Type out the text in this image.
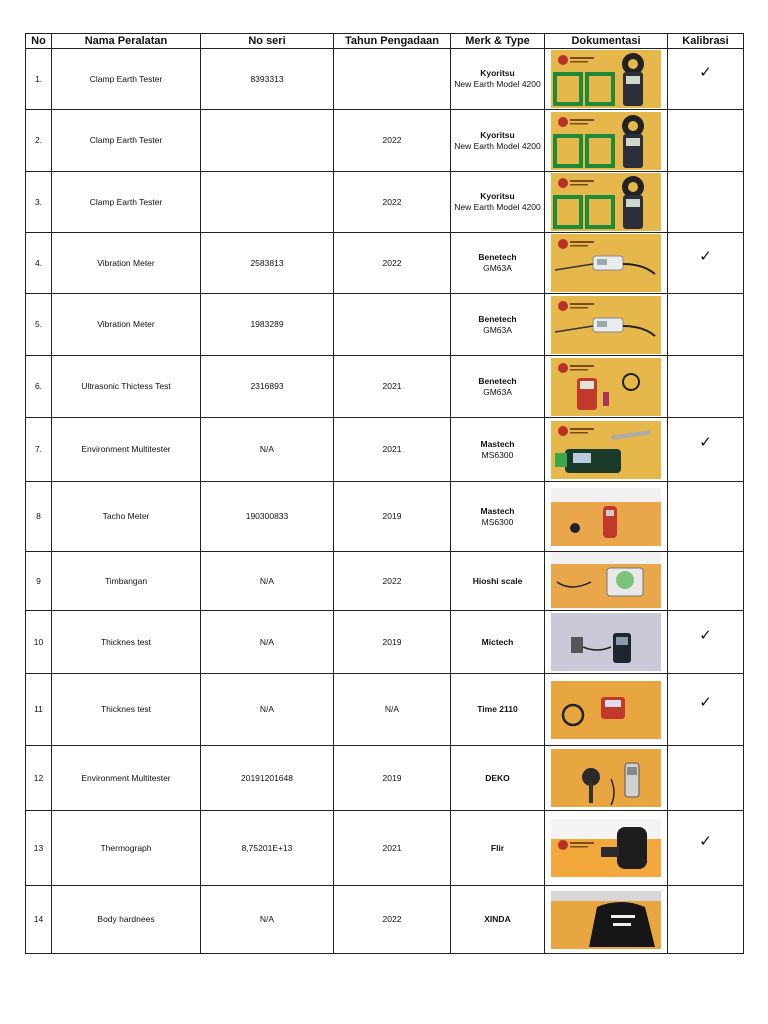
No	Nama Peralatan	No seri	Tahun Pengadaan	Merk & Type	Dokumentasi	Kalibrasi
1.	Clamp Earth Tester	8393313		Kyoritsu
New Earth Model 4200		✓
2.	Clamp Earth Tester		2022	Kyoritsu
New Earth Model 4200

3.	Clamp Earth Tester		2022	Kyoritsu
New Earth Model 4200

4.	Vibration Meter	2583813	2022	Benetech
GM63A		✓
5.	Vibration Meter	1983289		Benetech
GM63A

6.	Ultrasonic Thictess Test	2316893	2021	Benetech
GM63A

7.	Environment Multitester	N/A	2021	Mastech
MS6300		✓
8	Tacho Meter	190300833	2019	Mastech
MS6300

9	Timbangan	N/A	2022	Hioshi scale

10	Thicknes test	N/A	2019	Mictech		✓
11	Thicknes test	N/A	N/A	Time 2110		✓
12	Environment Multitester	20191201648	2019	DEKO

13	Thermograph	8,75201E+13	2021	Flir		✓
14	Body hardnees	N/A	2022	XINDA
